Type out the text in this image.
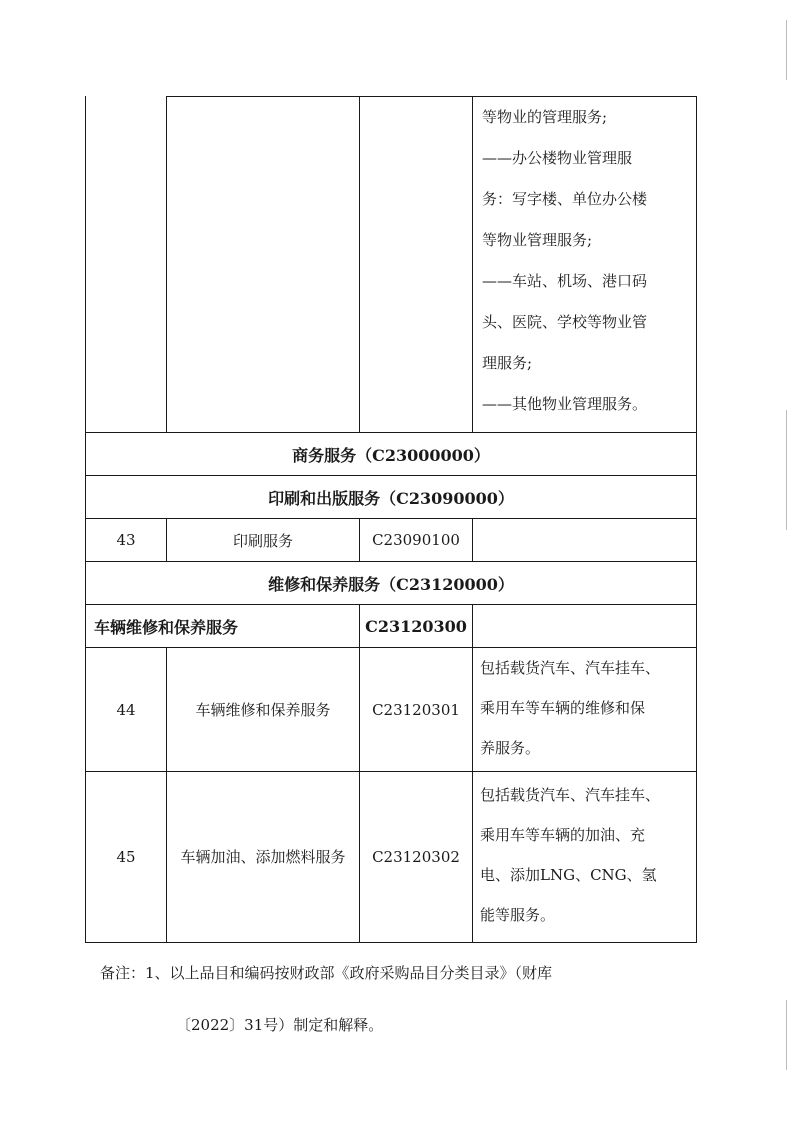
等物业的管理服务;
——办公楼物业管理服
务：写字楼、单位办公楼
等物业管理服务;
——车站、机场、港口码
头、医院、学校等物业管
理服务;
——其他物业管理服务。
商务服务（C23000000）
印刷和出版服务（C23090000）
43	印刷服务	C23090100
维修和保养服务（C23120000）
车辆维修和保养服务	C23120300
44	车辆维修和保养服务	C23120301
包括载货汽车、汽车挂车、
乘用车等车辆的维修和保
养服务。
45	车辆加油、添加燃料服务	C23120302
包括载货汽车、汽车挂车、
乘用车等车辆的加油、充
电、添加LNG、CNG、氢
能等服务。
备注：1、以上品目和编码按财政部《政府采购品目分类目录》（财库
〔2022〕31号）制定和解释。
